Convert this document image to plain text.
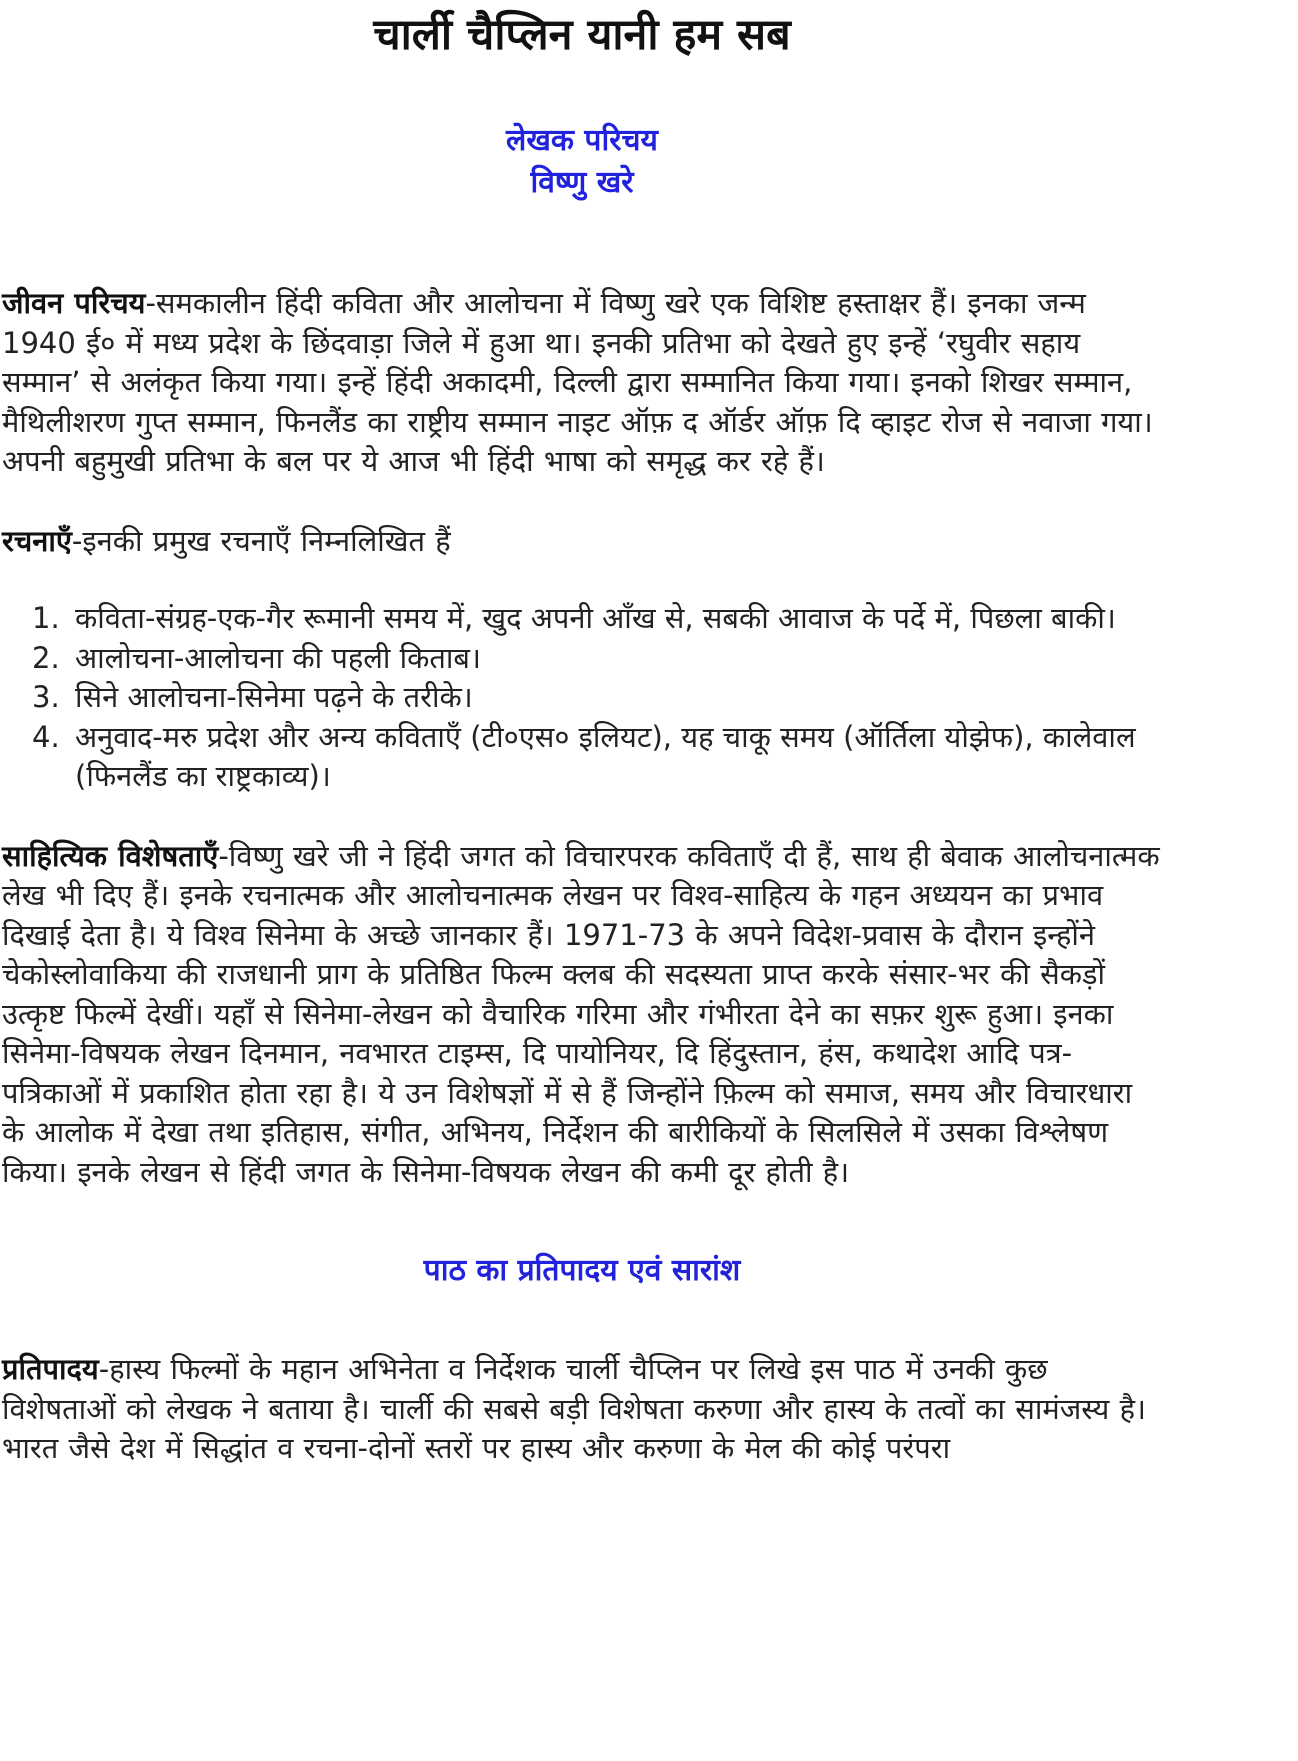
चार्ली चैप्लिन यानी हम सब
लेखक परिचय
विष्णु खरे

जीवन परिचय-समकालीन हिंदी कविता और आलोचना में विष्णु खरे एक विशिष्ट हस्ताक्षर हैं। इनका जन्म 1940 ई० में मध्य प्रदेश के छिंदवाड़ा जिले में हुआ था। इनकी प्रतिभा को देखते हुए इन्हें ‘रघुवीर सहाय सम्मान’ से अलंकृत किया गया। इन्हें हिंदी अकादमी, दिल्ली द्वारा सम्मानित किया गया। इनको शिखर सम्मान, मैथिलीशरण गुप्त सम्मान, फिनलैंड का राष्ट्रीय सम्मान नाइट ऑफ़ द ऑर्डर ऑफ़ दि व्हाइट रोज से नवाजा गया। अपनी बहुमुखी प्रतिभा के बल पर ये आज भी हिंदी भाषा को समृद्ध कर रहे हैं।

रचनाएँ-इनकी प्रमुख रचनाएँ निम्नलिखित हैं

1. कविता-संग्रह-एक-गैर रूमानी समय में, खुद अपनी आँख से, सबकी आवाज के पर्दे में, पिछला बाकी।
2. आलोचना-आलोचना की पहली किताब।
3. सिने आलोचना-सिनेमा पढ़ने के तरीके।
4. अनुवाद-मरु प्रदेश और अन्य कविताएँ (टी०एस० इलियट), यह चाकू समय (ऑर्तिला योझेफ), कालेवाल (फिनलैंड का राष्ट्रकाव्य)।

साहित्यिक विशेषताएँ-विष्णु खरे जी ने हिंदी जगत को विचारपरक कविताएँ दी हैं, साथ ही बेवाक आलोचनात्मक लेख भी दिए हैं। इनके रचनात्मक और आलोचनात्मक लेखन पर विश्व-साहित्य के गहन अध्ययन का प्रभाव दिखाई देता है। ये विश्व सिनेमा के अच्छे जानकार हैं। 1971-73 के अपने विदेश-प्रवास के दौरान इन्होंने चेकोस्लोवाकिया की राजधानी प्राग के प्रतिष्ठित फिल्म क्लब की सदस्यता प्राप्त करके संसार-भर की सैकड़ों उत्कृष्ट फिल्में देखीं। यहाँ से सिनेमा-लेखन को वैचारिक गरिमा और गंभीरता देने का सफ़र शुरू हुआ। इनका सिनेमा-विषयक लेखन दिनमान, नवभारत टाइम्स, दि पायोनियर, दि हिंदुस्तान, हंस, कथादेश आदि पत्र-पत्रिकाओं में प्रकाशित होता रहा है। ये उन विशेषज्ञों में से हैं जिन्होंने फ़िल्म को समाज, समय और विचारधारा के आलोक में देखा तथा इतिहास, संगीत, अभिनय, निर्देशन की बारीकियों के सिलसिले में उसका विश्लेषण किया। इनके लेखन से हिंदी जगत के सिनेमा-विषयक लेखन की कमी दूर होती है।

पाठ का प्रतिपादय एवं सारांश

प्रतिपादय-हास्य फिल्मों के महान अभिनेता व निर्देशक चार्ली चैप्लिन पर लिखे इस पाठ में उनकी कुछ विशेषताओं को लेखक ने बताया है। चार्ली की सबसे बड़ी विशेषता करुणा और हास्य के तत्वों का सामंजस्य है। भारत जैसे देश में सिद्धांत व रचना-दोनों स्तरों पर हास्य और करुणा के मेल की कोई परंपरा
